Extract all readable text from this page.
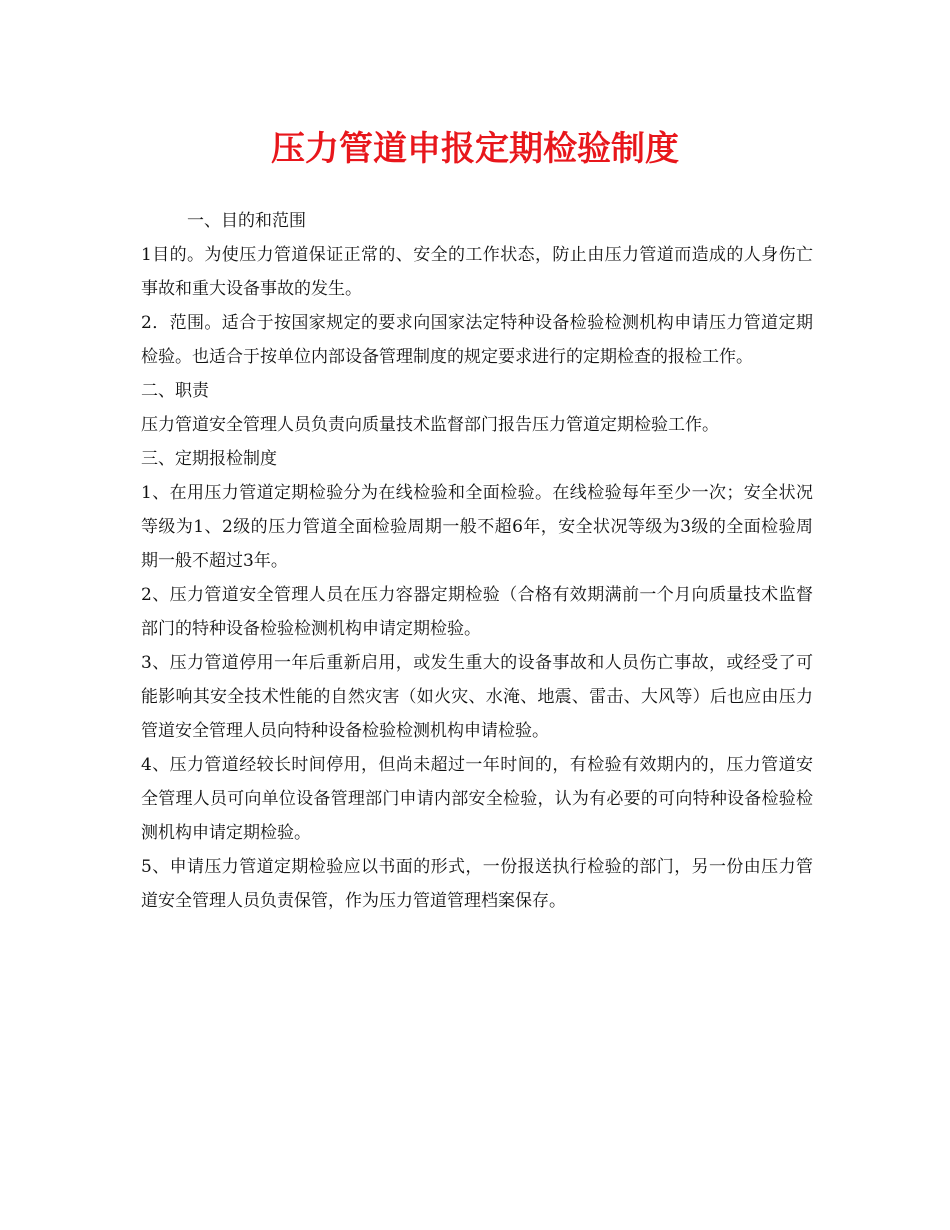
压力管道申报定期检验制度

一、目的和范围

1目的。为使压力管道保证正常的、安全的工作状态，防止由压力管道而造成的人身伤亡事故和重大设备事故的发生。

2．范围。适合于按国家规定的要求向国家法定特种设备检验检测机构申请压力管道定期检验。也适合于按单位内部设备管理制度的规定要求进行的定期检查的报检工作。

二、职责

压力管道安全管理人员负责向质量技术监督部门报告压力管道定期检验工作。

三、定期报检制度

1、在用压力管道定期检验分为在线检验和全面检验。在线检验每年至少一次；安全状况等级为1、2级的压力管道全面检验周期一般不超6年，安全状况等级为3级的全面检验周期一般不超过3年。

2、压力管道安全管理人员在压力容器定期检验（合格有效期满前一个月向质量技术监督部门的特种设备检验检测机构申请定期检验。

3、压力管道停用一年后重新启用，或发生重大的设备事故和人员伤亡事故，或经受了可能影响其安全技术性能的自然灾害（如火灾、水淹、地震、雷击、大风等）后也应由压力管道安全管理人员向特种设备检验检测机构申请检验。

4、压力管道经较长时间停用，但尚未超过一年时间的，有检验有效期内的，压力管道安全管理人员可向单位设备管理部门申请内部安全检验，认为有必要的可向特种设备检验检测机构申请定期检验。

5、申请压力管道定期检验应以书面的形式，一份报送执行检验的部门，另一份由压力管道安全管理人员负责保管，作为压力管道管理档案保存。
